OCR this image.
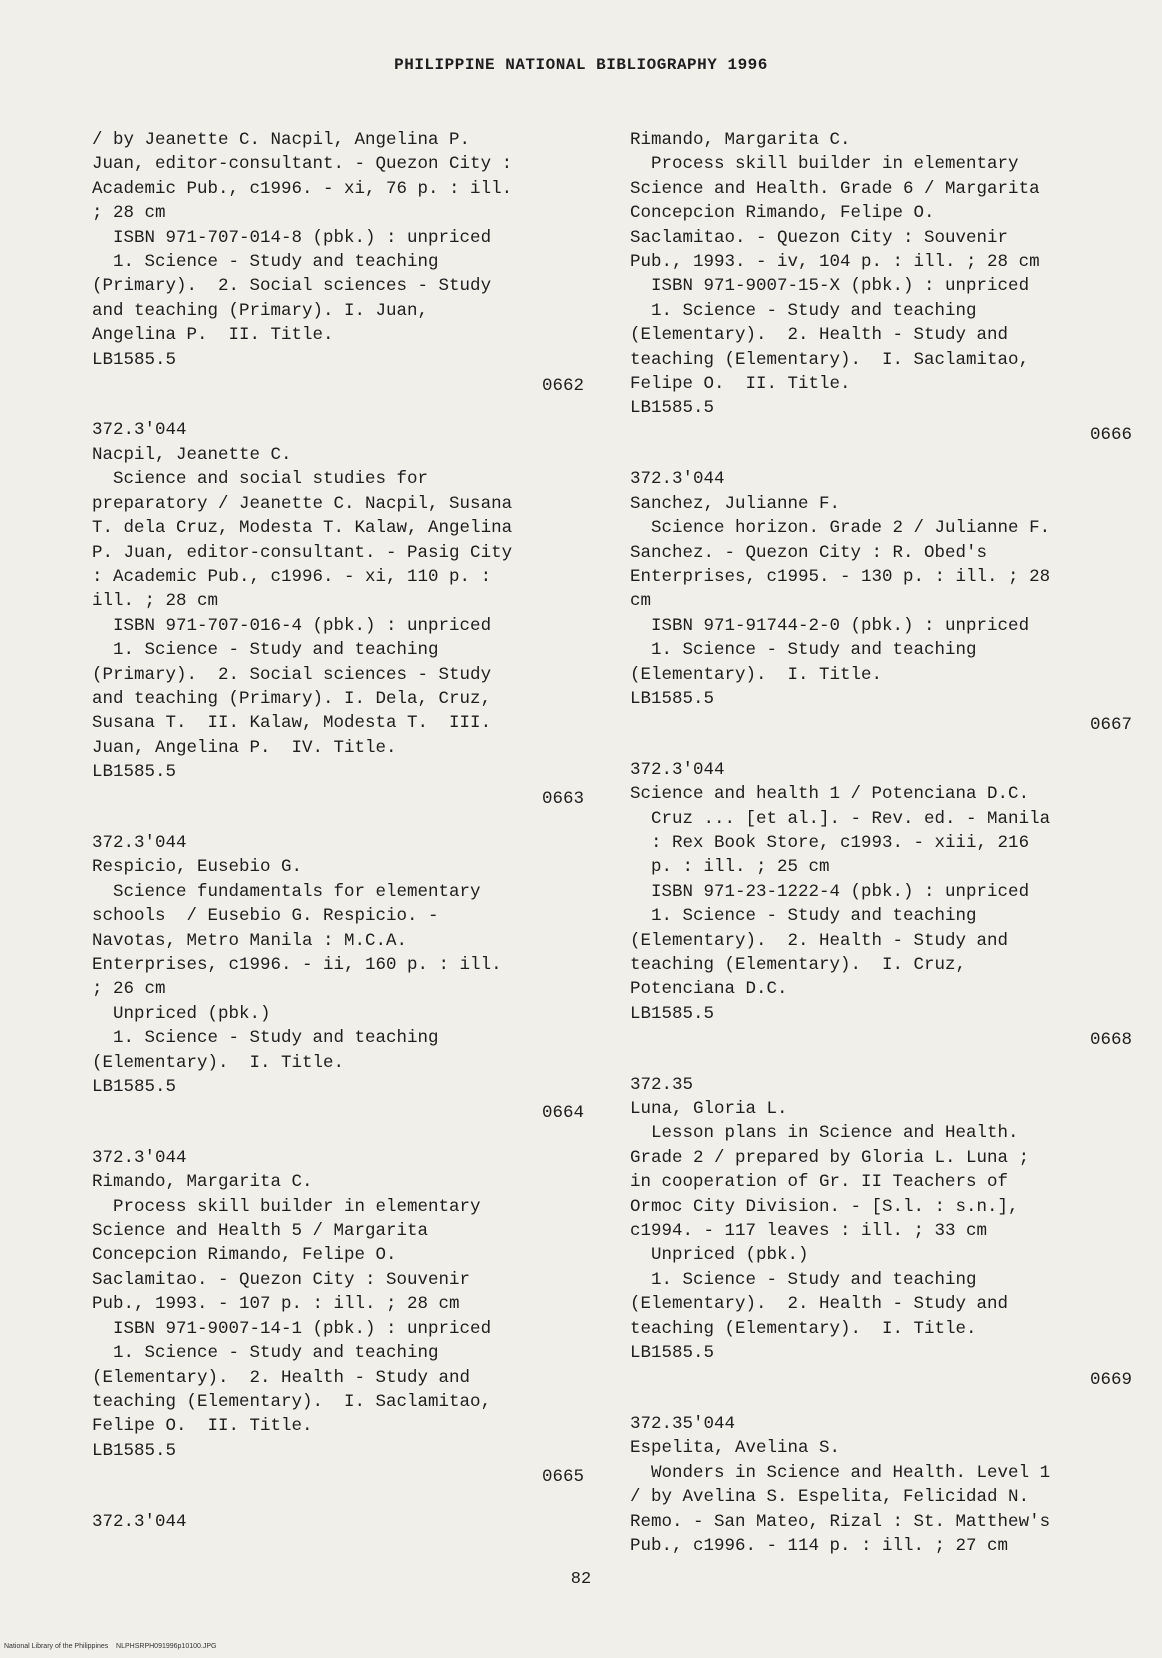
PHILIPPINE NATIONAL BIBLIOGRAPHY 1996
/ by Jeanette C. Nacpil, Angelina P.
Juan, editor-consultant. - Quezon City :
Academic Pub., c1996. - xi, 76 p. : ill.
; 28 cm
ISBN 971-707-014-8 (pbk.) : unpriced
1. Science - Study and teaching
(Primary).  2. Social sciences - Study
and teaching (Primary). I. Juan,
Angelina P.  II. Title.
LB1585.5
0662
372.3'044
Nacpil, Jeanette C.
Science and social studies for
preparatory / Jeanette C. Nacpil, Susana
T. dela Cruz, Modesta T. Kalaw, Angelina
P. Juan, editor-consultant. - Pasig City
: Academic Pub., c1996. - xi, 110 p. :
ill. ; 28 cm
ISBN 971-707-016-4 (pbk.) : unpriced
1. Science - Study and teaching
(Primary).  2. Social sciences - Study
and teaching (Primary). I. Dela, Cruz,
Susana T.  II. Kalaw, Modesta T.  III.
Juan, Angelina P.  IV. Title.
LB1585.5
0663
372.3'044
Respicio, Eusebio G.
Science fundamentals for elementary
schools  / Eusebio G. Respicio. -
Navotas, Metro Manila : M.C.A.
Enterprises, c1996. - ii, 160 p. : ill.
; 26 cm
Unpriced (pbk.)
1. Science - Study and teaching
(Elementary).  I. Title.
LB1585.5
0664
372.3'044
Rimando, Margarita C.
Process skill builder in elementary
Science and Health 5 / Margarita
Concepcion Rimando, Felipe O.
Saclamitao. - Quezon City : Souvenir
Pub., 1993. - 107 p. : ill. ; 28 cm
ISBN 971-9007-14-1 (pbk.) : unpriced
1. Science - Study and teaching
(Elementary).  2. Health - Study and
teaching (Elementary).  I. Saclamitao,
Felipe O.  II. Title.
LB1585.5
0665
372.3'044
Rimando, Margarita C.
Process skill builder in elementary
Science and Health. Grade 6 / Margarita
Concepcion Rimando, Felipe O.
Saclamitao. - Quezon City : Souvenir
Pub., 1993. - iv, 104 p. : ill. ; 28 cm
ISBN 971-9007-15-X (pbk.) : unpriced
1. Science - Study and teaching
(Elementary).  2. Health - Study and
teaching (Elementary).  I. Saclamitao,
Felipe O.  II. Title.
LB1585.5
0666
372.3'044
Sanchez, Julianne F.
Science horizon. Grade 2 / Julianne F.
Sanchez. - Quezon City : R. Obed's
Enterprises, c1995. - 130 p. : ill. ; 28
cm
ISBN 971-91744-2-0 (pbk.) : unpriced
1. Science - Study and teaching
(Elementary).  I. Title.
LB1585.5
0667
372.3'044
Science and health 1 / Potenciana D.C.
Cruz ... [et al.]. - Rev. ed. - Manila
: Rex Book Store, c1993. - xiii, 216
p. : ill. ; 25 cm
ISBN 971-23-1222-4 (pbk.) : unpriced
1. Science - Study and teaching
(Elementary).  2. Health - Study and
teaching (Elementary).  I. Cruz,
Potenciana D.C.
LB1585.5
0668
372.35
Luna, Gloria L.
Lesson plans in Science and Health.
Grade 2 / prepared by Gloria L. Luna ;
in cooperation of Gr. II Teachers of
Ormoc City Division. - [S.l. : s.n.],
c1994. - 117 leaves : ill. ; 33 cm
Unpriced (pbk.)
1. Science - Study and teaching
(Elementary).  2. Health - Study and
teaching (Elementary).  I. Title.
LB1585.5
0669
372.35'044
Espelita, Avelina S.
Wonders in Science and Health. Level 1
/ by Avelina S. Espelita, Felicidad N.
Remo. - San Mateo, Rizal : St. Matthew's
Pub., c1996. - 114 p. : ill. ; 27 cm
82
National Library of the Philippines    NLPHSRPH091996p10100.JPG
